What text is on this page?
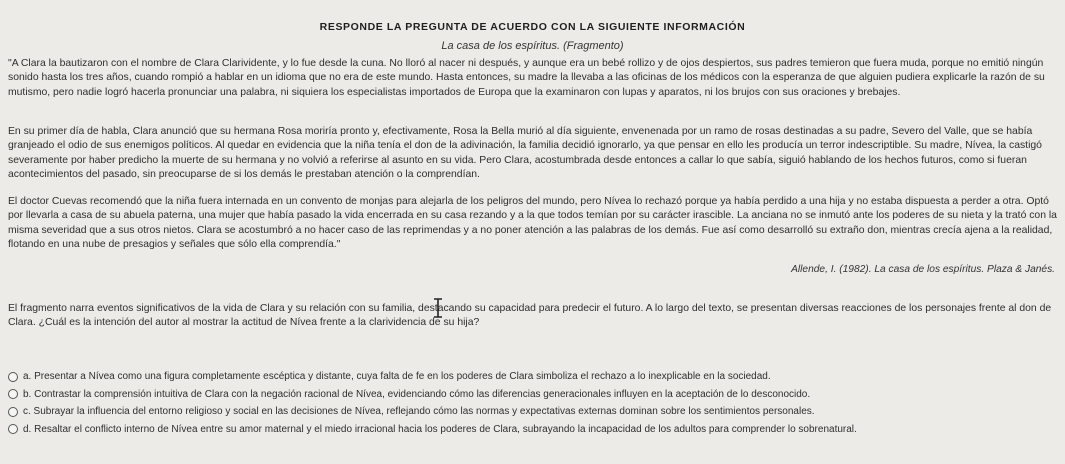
RESPONDE LA PREGUNTA DE ACUERDO CON LA SIGUIENTE INFORMACIÓN
La casa de los espíritus. (Fragmento)
"A Clara la bautizaron con el nombre de Clara Clarividente, y lo fue desde la cuna. No lloró al nacer ni después, y aunque era un bebé rollizo y de ojos despiertos, sus padres temieron que fuera muda, porque no emitió ningún sonido hasta los tres años, cuando rompió a hablar en un idioma que no era de este mundo. Hasta entonces, su madre la llevaba a las oficinas de los médicos con la esperanza de que alguien pudiera explicarle la razón de su mutismo, pero nadie logró hacerla pronunciar una palabra, ni siquiera los especialistas importados de Europa que la examinaron con lupas y aparatos, ni los brujos con sus oraciones y brebajes.
En su primer día de habla, Clara anunció que su hermana Rosa moriría pronto y, efectivamente, Rosa la Bella murió al día siguiente, envenenada por un ramo de rosas destinadas a su padre, Severo del Valle, que se había granjeado el odio de sus enemigos políticos. Al quedar en evidencia que la niña tenía el don de la adivinación, la familia decidió ignorarlo, ya que pensar en ello les producía un terror indescriptible. Su madre, Nívea, la castigó severamente por haber predicho la muerte de su hermana y no volvió a referirse al asunto en su vida. Pero Clara, acostumbrada desde entonces a callar lo que sabía, siguió hablando de los hechos futuros, como si fueran acontecimientos del pasado, sin preocuparse de si los demás le prestaban atención o la comprendían.
El doctor Cuevas recomendó que la niña fuera internada en un convento de monjas para alejarla de los peligros del mundo, pero Nívea lo rechazó porque ya había perdido a una hija y no estaba dispuesta a perder a otra. Optó por llevarla a casa de su abuela paterna, una mujer que había pasado la vida encerrada en su casa rezando y a la que todos temían por su carácter irascible. La anciana no se inmutó ante los poderes de su nieta y la trató con la misma severidad que a sus otros nietos. Clara se acostumbró a no hacer caso de las reprimendas y a no poner atención a las palabras de los demás. Fue así como desarrolló su extraño don, mientras crecía ajena a la realidad, flotando en una nube de presagios y señales que sólo ella comprendía."
Allende, I. (1982). La casa de los espíritus. Plaza & Janés.
El fragmento narra eventos significativos de la vida de Clara y su relación con su familia, destacando su capacidad para predecir el futuro. A lo largo del texto, se presentan diversas reacciones de los personajes frente al don de Clara. ¿Cuál es la intención del autor al mostrar la actitud de Nívea frente a la clarividencia de su hija?
a. Presentar a Nívea como una figura completamente escéptica y distante, cuya falta de fe en los poderes de Clara simboliza el rechazo a lo inexplicable en la sociedad.
b. Contrastar la comprensión intuitiva de Clara con la negación racional de Nívea, evidenciando cómo las diferencias generacionales influyen en la aceptación de lo desconocido.
c. Subrayar la influencia del entorno religioso y social en las decisiones de Nívea, reflejando cómo las normas y expectativas externas dominan sobre los sentimientos personales.
d. Resaltar el conflicto interno de Nívea entre su amor maternal y el miedo irracional hacia los poderes de Clara, subrayando la incapacidad de los adultos para comprender lo sobrenatural.
